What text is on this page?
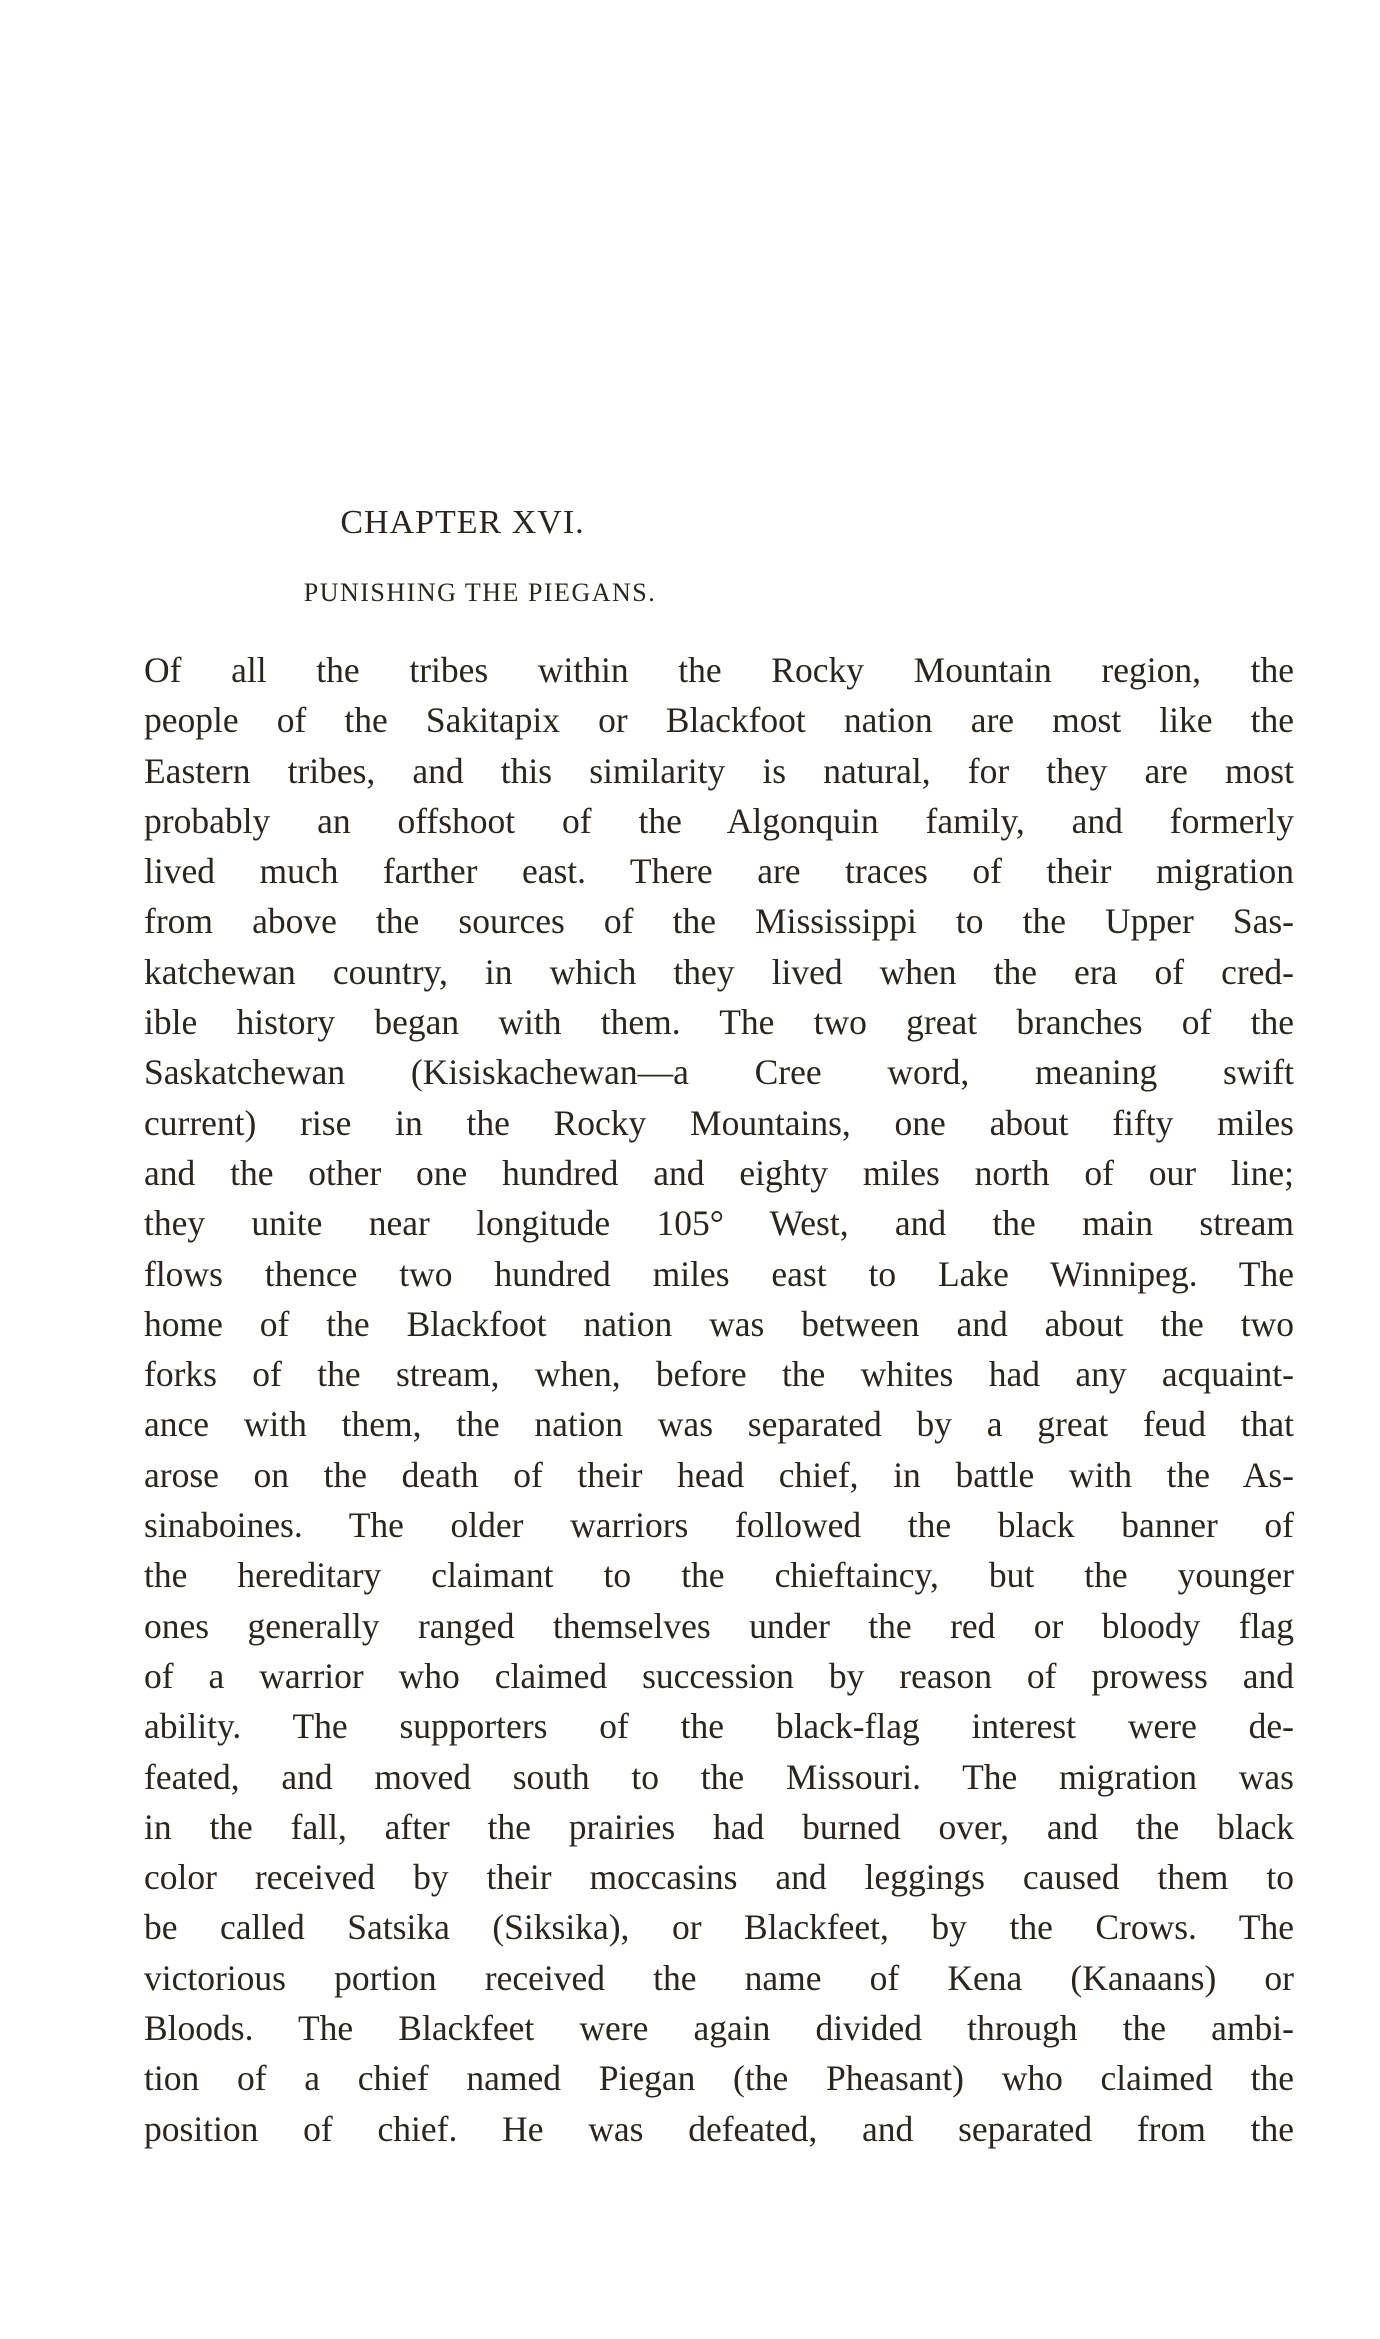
CHAPTER XVI.
PUNISHING THE PIEGANS.
Of all the tribes within the Rocky Mountain region, the
people of the Sakitapix or Blackfoot nation are most like the
Eastern tribes, and this similarity is natural, for they are most
probably an offshoot of the Algonquin family, and formerly
lived much farther east. There are traces of their migration
from above the sources of the Mississippi to the Upper Sas-
katchewan country, in which they lived when the era of cred-
ible history began with them. The two great branches of the
Saskatchewan (Kisiskachewan—a Cree word, meaning swift
current) rise in the Rocky Mountains, one about fifty miles
and the other one hundred and eighty miles north of our line;
they unite near longitude 105° West, and the main stream
flows thence two hundred miles east to Lake Winnipeg. The
home of the Blackfoot nation was between and about the two
forks of the stream, when, before the whites had any acquaint-
ance with them, the nation was separated by a great feud that
arose on the death of their head chief, in battle with the As-
sinaboines. The older warriors followed the black banner of
the hereditary claimant to the chieftaincy, but the younger
ones generally ranged themselves under the red or bloody flag
of a warrior who claimed succession by reason of prowess and
ability. The supporters of the black-flag interest were de-
feated, and moved south to the Missouri. The migration was
in the fall, after the prairies had burned over, and the black
color received by their moccasins and leggings caused them to
be called Satsika (Siksika), or Blackfeet, by the Crows. The
victorious portion received the name of Kena (Kanaans) or
Bloods. The Blackfeet were again divided through the ambi-
tion of a chief named Piegan (the Pheasant) who claimed the
position of chief. He was defeated, and separated from the
